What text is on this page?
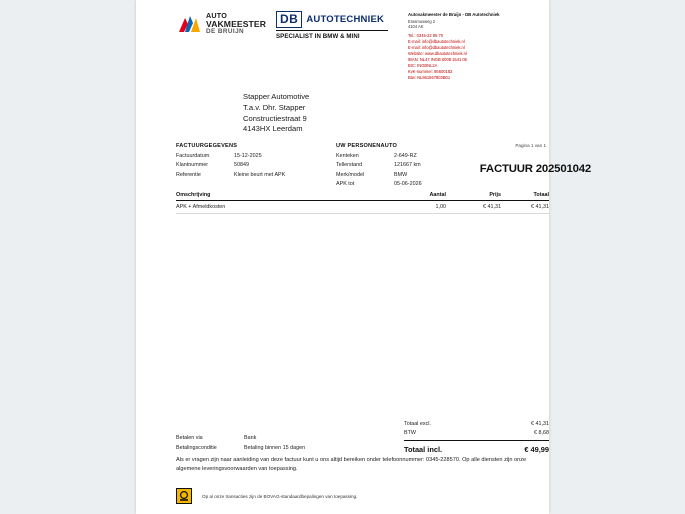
AUTO
VAKMEESTER
DE BRUIJN
DB AUTOTECHNIEK
SPECIALIST IN BMW & MINI
Autovakmeester de Bruijn - DB Autotechniek
Erasmusweg 2
4104 AK
Tel.: 0345-22 85 70
E-mail: info@dbautotechniek.nl
E-mail: info@dbautotechniek.nl
Website: www.dbautotechniek.nl
IBAN: NL47 INGB 0008 1541 05
BIC: INGBNL2A
KvK-nummer: 86600182
Btw: NL861867803B01
Stapper Automotive
T.a.v. Dhr. Stapper
Constructiestraat 9
4143HX Leerdam
Pagina 1 van 1
FACTUURGEGEVENS
Factuurdatum	15-12-2025
Klantnummer	50849
Referentie	Kleine beurt met APK
UW PERSONENAUTO
Kenteken	2-649-RZ
Tellerstand	121667 km
Merk/model	BMW
APK tot	05-06-2026
FACTUUR 202501042
Omschrijving	Aantal	Prijs	Totaal
APK + Afmeldkosten	1,00	€ 41,31	€ 41,31
Totaal excl.	€ 41,31
BTW	€ 8,68
Totaal incl.	€ 49,99
Betalen via	Bank
Betalingsconditie	Betaling binnen 15 dagen
Als er vragen zijn naar aanleiding van deze factuur kunt u ons altijd bereiken onder telefoonnummer: 0345-228570. Op alle diensten zijn onze algemene leveringsvoorwaarden van toepassing.
Op al onze transacties zijn de BOVAG-standaardbepalingen van toepassing.
